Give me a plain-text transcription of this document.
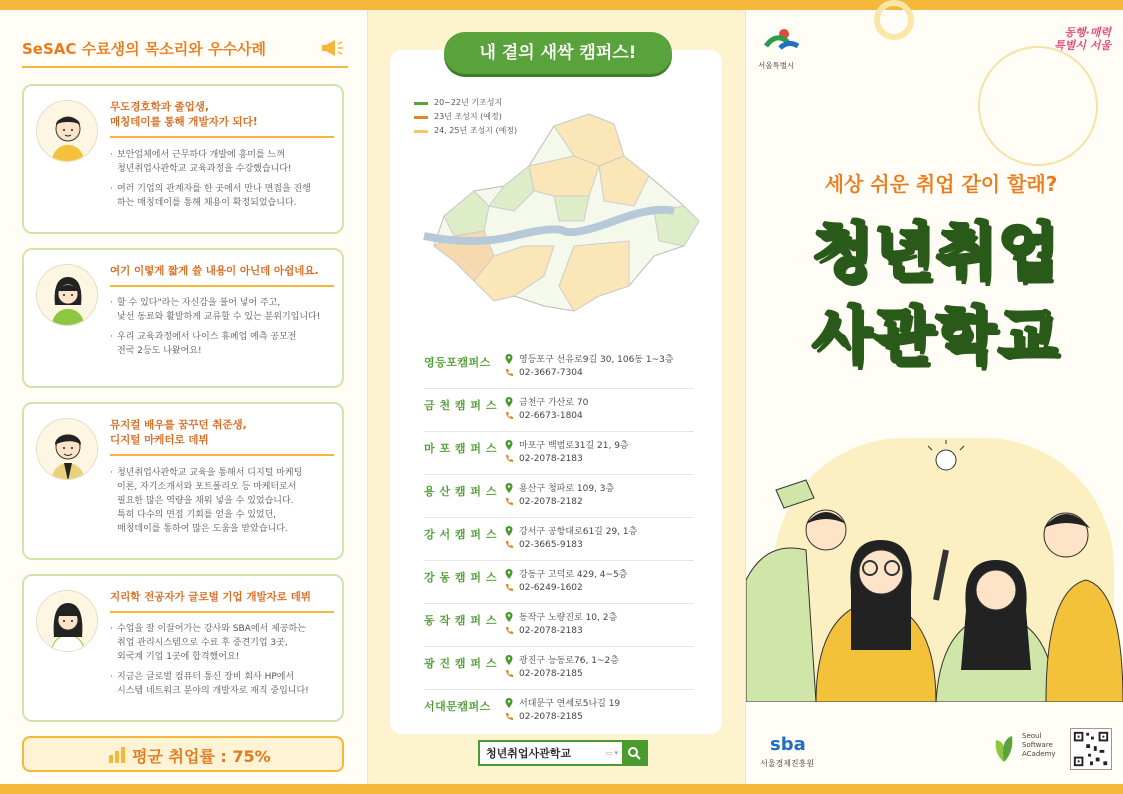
SeSAC 수료생의 목소리와 우수사례
무도경호학과 졸업생,
매칭데이를 통해 개발자가 되다!

· 보안업체에서 근무하다 개발에 흥미를 느껴
청년취업사관학교 교육과정을 수강했습니다!

· 여러 기업의 관계자를 한 곳에서 만나 면접을 진행
하는 매칭데이를 통해 채용이 확정되었습니다.

여기 이렇게 짧게 쓸 내용이 아닌데 아쉽네요.

· 할 수 있다"라는 자신감을 불어 넣어 주고,
낯선 동료와 활발하게 교류할 수 있는 분위기입니다!

· 우리 교육과정에서 나이스 휴폐업 예측 공모전
전국 2등도 나왔어요!

뮤지컬 배우를 꿈꾸던 취준생,
디지털 마케터로 데뷔

· 청년취업사관학교 교육을 통해서 디지털 마케팅
이론, 자기소개서와 포트폴리오 등 마케터로서
필요한 많은 역량을 채워 넣을 수 있었습니다.
특히 다수의 면접 기회를 얻을 수 있었던,
매칭데이를 통하여 많은 도움을 받았습니다.

지리학 전공자가 글로벌 기업 개발자로 데뷔

· 수업을 잘 이끌어가는 강사와 SBA에서 제공하는
취업 관리시스템으로 수료 후 중견기업 3곳,
외국계 기업 1곳에 합격했어요!

· 지금은 글로벌 컴퓨터 통신 장비 회사 HP에서
시스템 네트워크 분야의 개발자로 재직 중입니다!

평균 취업률 : 75%
내 곁의 새싹 캠퍼스!
20~22년 기조성지
23년 조성지 (예정)
24, 25년 조성지 (예정)
영등포캠퍼스	영등포구 선유로9길 30, 106동 1~3층
02-3667-7304
금 천 캠 퍼 스	금천구 가산로 70
02-6673-1804
마 포 캠 퍼 스	마포구 백범로31길 21, 9층
02-2078-2183
용 산 캠 퍼 스	용산구 청파로 109, 3층
02-2078-2182
강 서 캠 퍼 스	강서구 공항대로61길 29, 1층
02-3665-9183
강 동 캠 퍼 스	강동구 고덕로 429, 4~5층
02-6249-1602
동 작 캠 퍼 스	동작구 노량진로 10, 2층
02-2078-2183
광 진 캠 퍼 스	광진구 능동로76, 1~2층
02-2078-2185
서대문캠퍼스	서대문구 연세로5나길 19
02-2078-2185
청년취업사관학교	▭ ▾
서울특별시
동행·매력
특별시 서울
세상 쉬운 취업 같이 할래?
청년취업
사관학교
sba
서울경제진흥원
Seoul
Software
ACademy
